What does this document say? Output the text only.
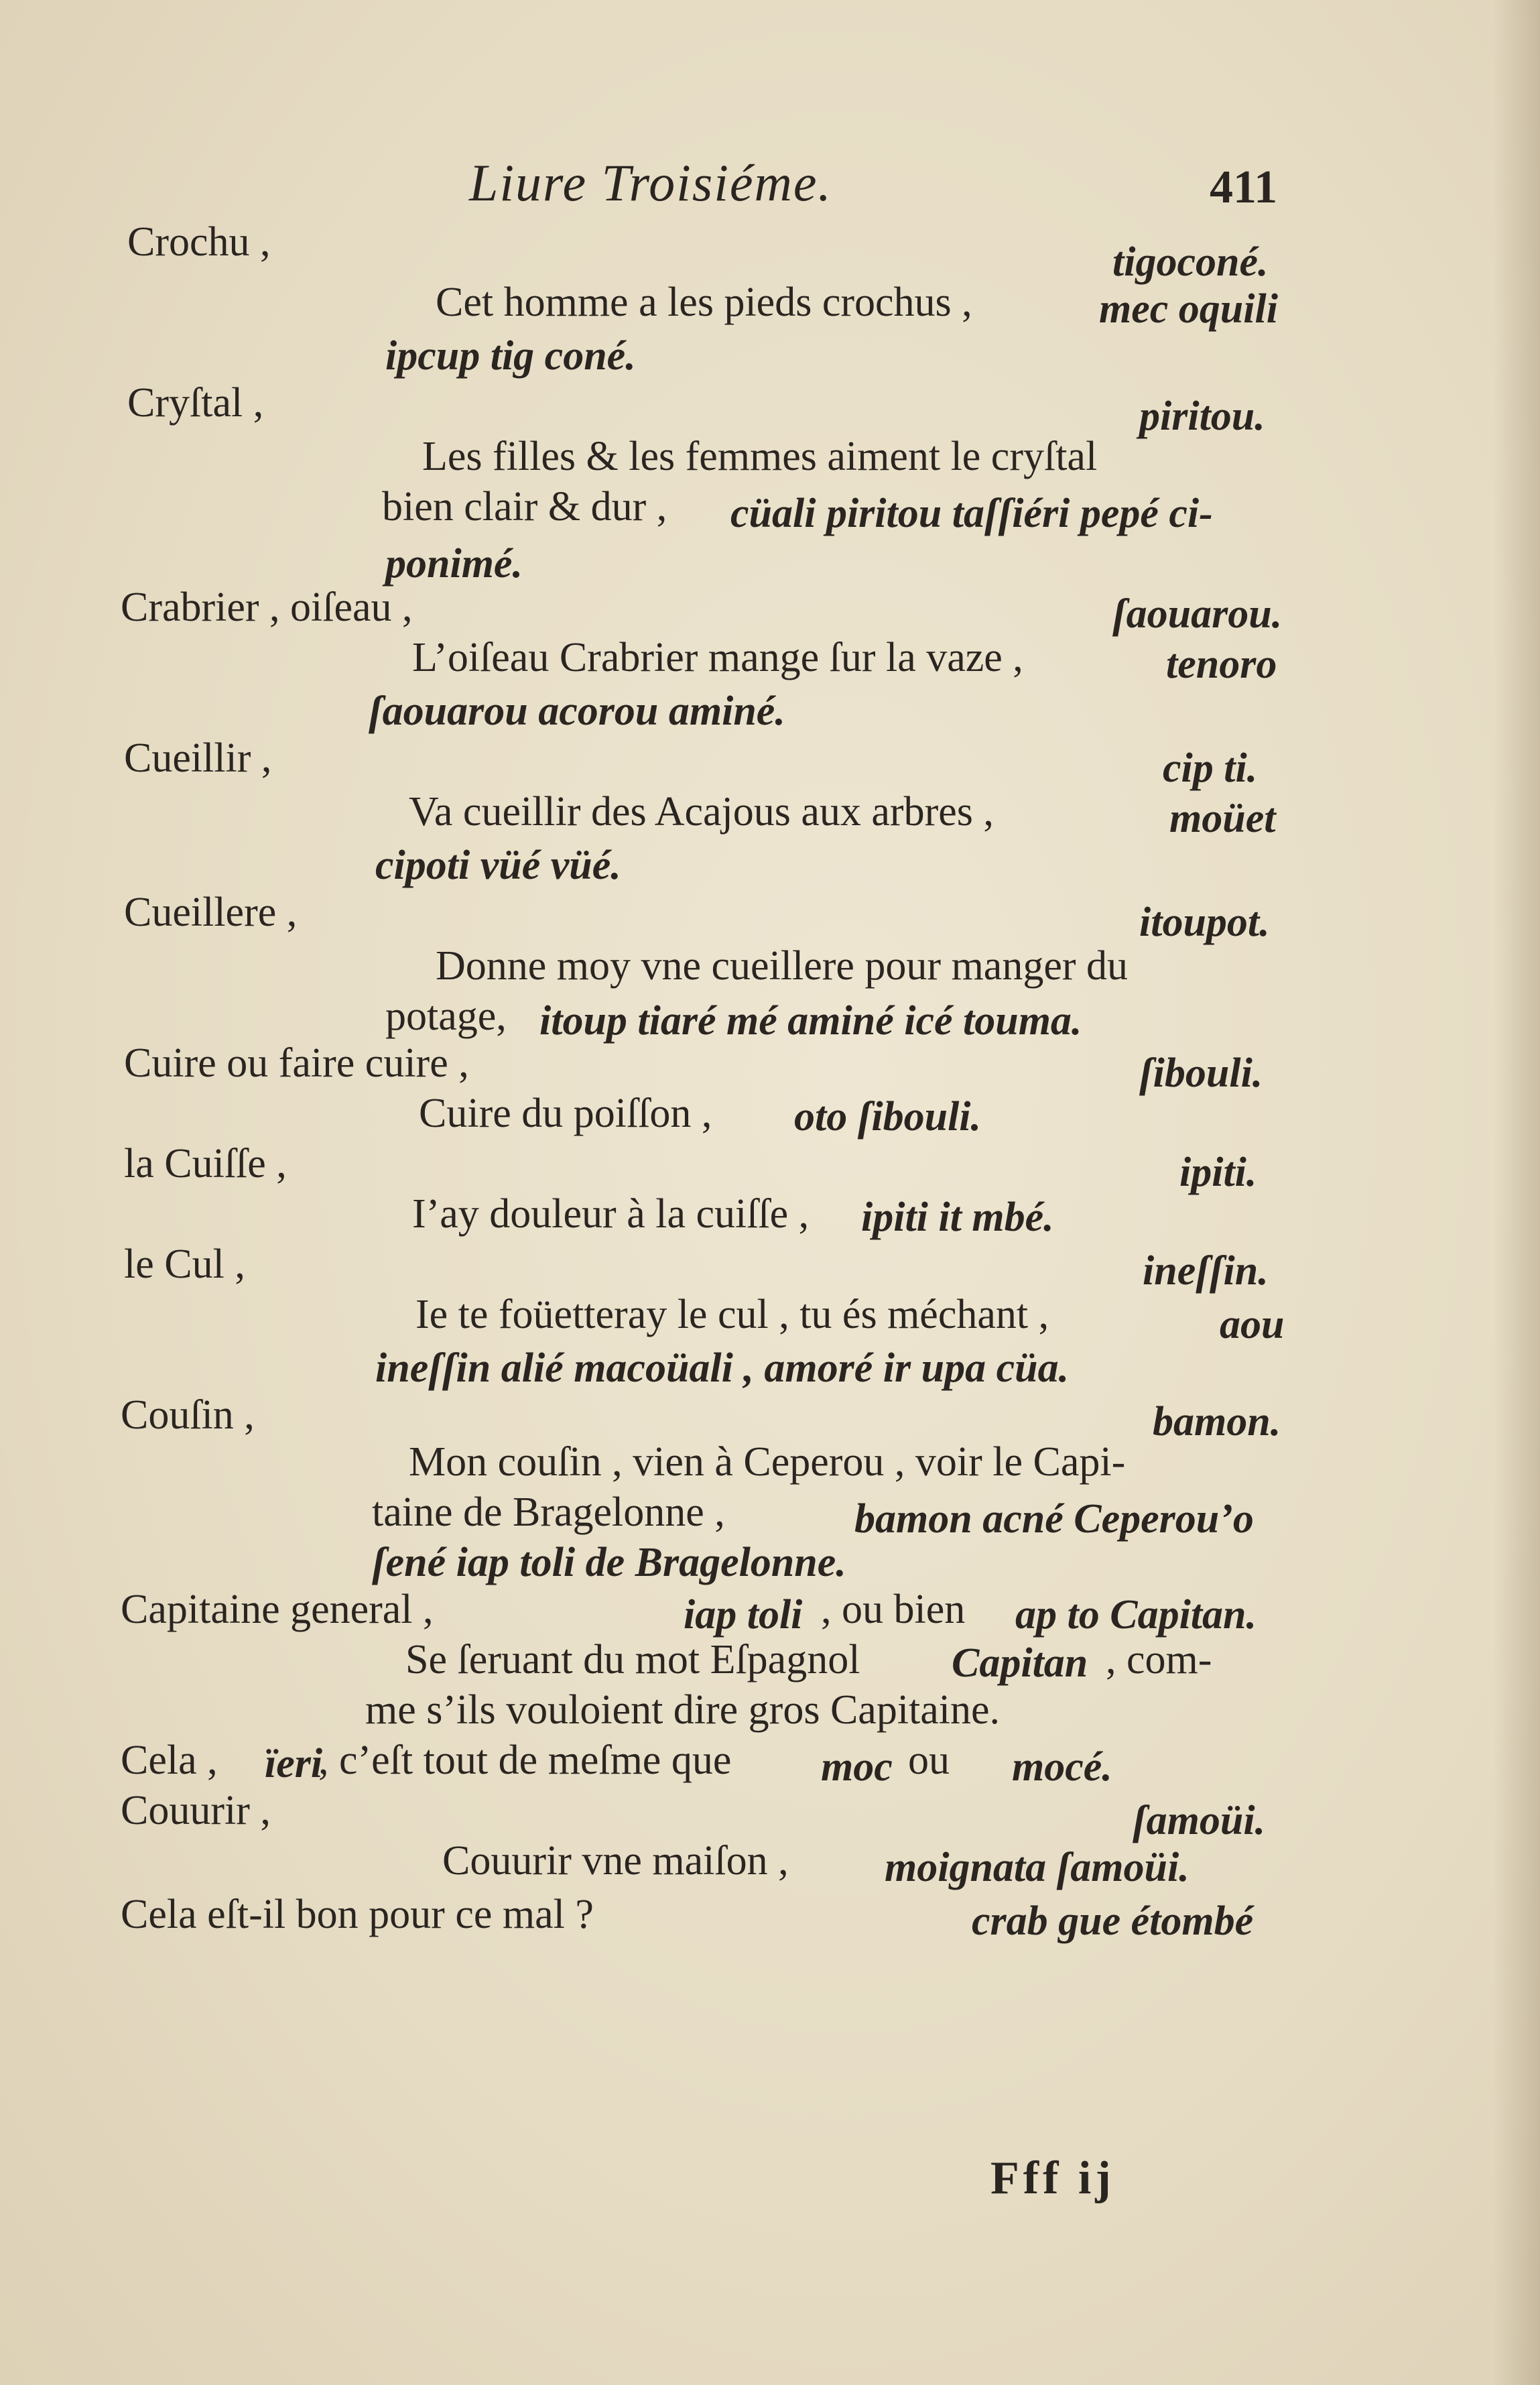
Liure Troisiéme.	411
Crochu ,	tigoconé.
Cet homme a les pieds crochus ,	mec oquili
ipcup tig coné.
Cryſtal ,	piritou.
Les filles & les femmes aiment le cryſtal
bien clair & dur , cüali piritou taſſiéri pepé ci-
ponimé.
Crabrier , oiſeau ,	ſaouarou.
L’oiſeau Crabrier mange ſur la vaze ,	tenoro
ſaouarou acorou aminé.
Cueillir ,	cip ti.
Va cueillir des Acajous aux arbres ,	moüet
cipoti vüé vüé.
Cueillere ,	itoupot.
Donne moy vne cueillere pour manger du
potage, itoup tiaré mé aminé icé touma.
Cuire ou faire cuire ,	ſibouli.
Cuire du poiſſon , oto ſibouli.
la Cuiſſe ,	ipiti.
I’ay douleur à la cuiſſe , ipiti it mbé.
le Cul ,	ineſſin.
Ie te foüetteray le cul , tu és méchant ,	aou
ineſſin alié macoüali , amoré ir upa cüa.
Couſin ,	bamon.
Mon couſin , vien à Ceperou , voir le Capi-
taine de Bragelonne ,	bamon acné Ceperou’o
ſené iap toli de Bragelonne.
Capitaine general ,	iap toli , ou bien ap to Capitan.
Se ſeruant du mot Eſpagnol Capitan , com-
me s’ils vouloient dire gros Capitaine.
Cela , ïeri
, c’eſt tout de meſme que moc ou mocé.
Couurir ,	ſamoüi.
Couurir vne maiſon , moignata ſamoüi.
Cela eſt-il bon pour ce mal ?	crab gue étombé
Fff ij
